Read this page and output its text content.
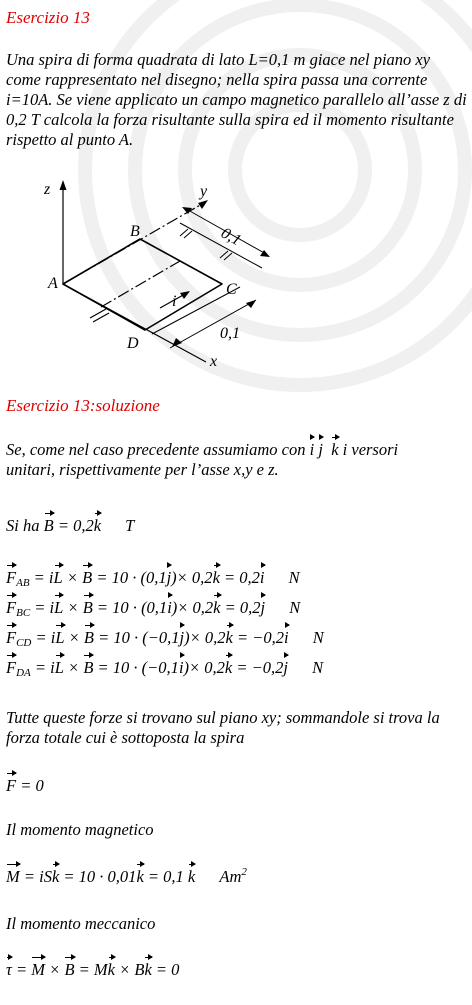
Esercizio 13
Una spira di forma quadrata di lato L=0,1 m giace nel piano xy come rappresentato nel disegno; nella spira passa una corrente i=10A. Se viene applicato un campo magnetico parallelo all’asse z di 0,2 T calcola la forza risultante sulla spira ed il momento risultante rispetto al punto A.
z	y
x
i
0,1
0,1
A
B
C
D
Esercizio 13:soluzione
Se, come nel caso precedente assumiamo con i j k i versori
unitari, rispettivamente per l’asse x,y e z.
Si ha B = 0,2k T
$F_{AB}$ = iL × B = 10 · (0,1j)× 0,2k = 0,2i N
$F_{BC}$ = iL × B = 10 · (0,1i)× 0,2k = 0,2j N
$F_{CD}$ = iL × B = 10 · (−0,1j)× 0,2k = −0,2i N
$F_{DA}$ = iL × B = 10 · (−0,1i)× 0,2k = −0,2j N
Tutte queste forze si trovano sul piano xy; sommandole si trova la forza totale cui è sottoposta la spira
F = 0
Il momento magnetico
M = iSk = 10 · 0,01k = 0,1 k Am$^2$
Il momento meccanico
τ = M × B = Mk × Bk = 0
